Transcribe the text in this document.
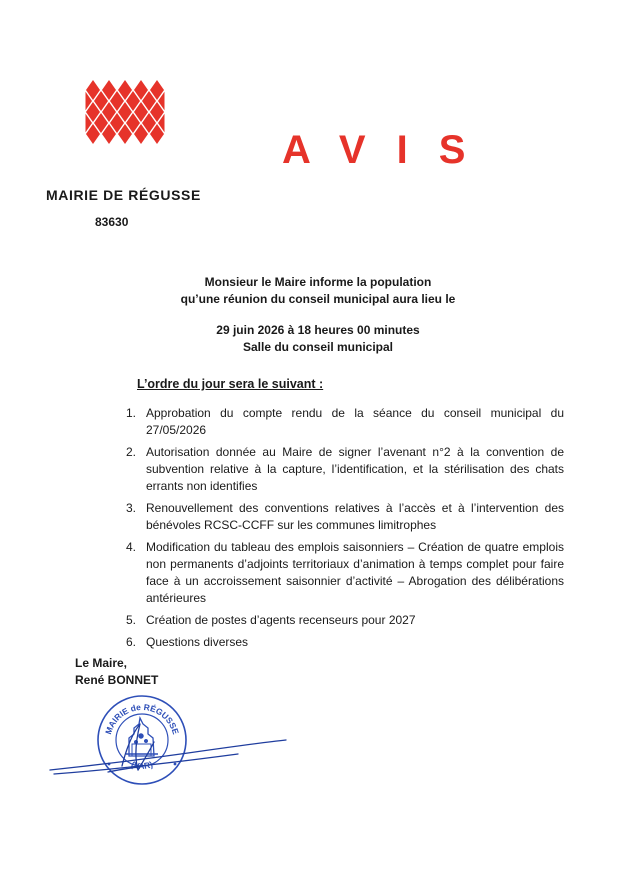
AVIS
MAIRIE DE RÉGUSSE
83630
Monsieur le Maire informe la population
qu’une réunion du conseil municipal aura lieu le
29 juin 2026 à 18 heures 00 minutes
Salle du conseil municipal
L’ordre du jour sera le suivant :
1. Approbation du compte rendu de la séance du conseil municipal du 27/05/2026
2. Autorisation donnée au Maire de signer l’avenant n°2 à la convention de subvention relative à la capture, l’identification, et la stérilisation des chats errants non identifies
3. Renouvellement des conventions relatives à l’accès et à l’intervention des bénévoles RCSC-CCFF sur les communes limitrophes
4. Modification du tableau des emplois saisonniers – Création de quatre emplois non permanents d’adjoints territoriaux d’animation à temps complet pour faire face à un accroissement saisonnier d’activité – Abrogation des délibérations antérieures
5. Création de postes d’agents recenseurs pour 2027
6. Questions diverses
Le Maire,
René BONNET
MAIRIE de RÉGUSSE
(VAR)
